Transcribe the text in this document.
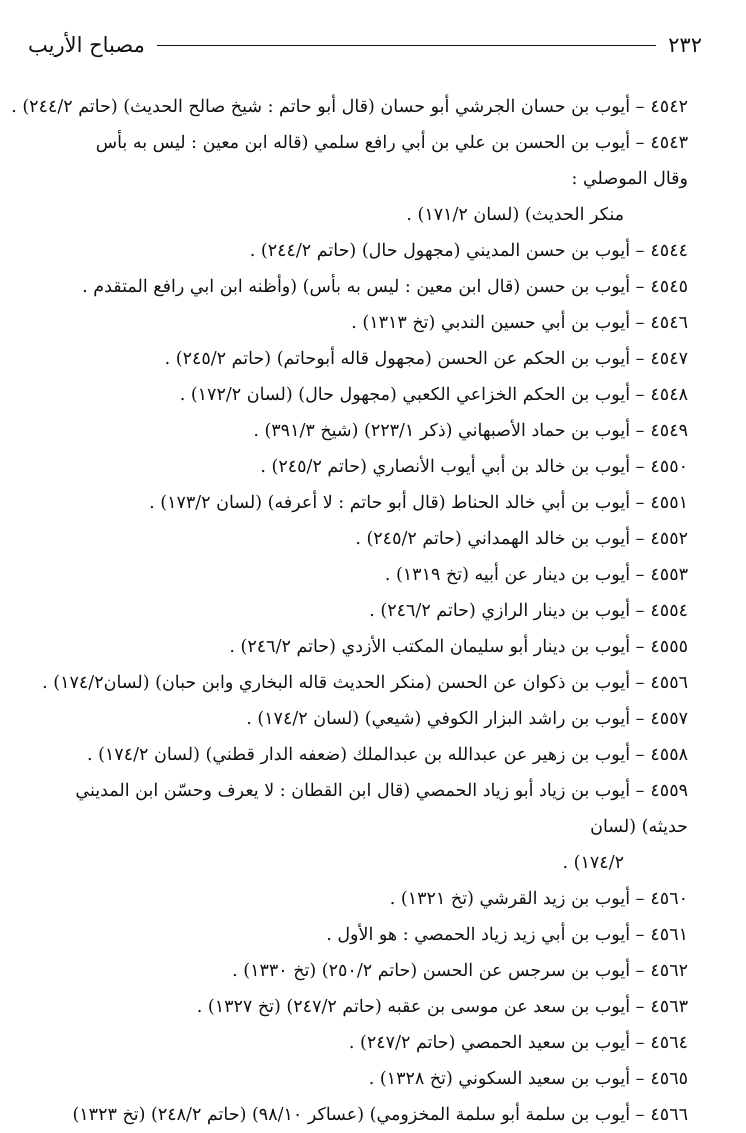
٢٣٢
مصباح الأريب
٤٥٤٢– أيوب بن حسان الجرشي أبو حسان (قال أبو حاتم : شيخ صالح الحديث) (حاتم ٢٤٤/٢) .
٤٥٤٣– أيوب بن الحسن بن علي بن أبي رافع سلمي (قاله ابن معين : ليس به بأس وقال الموصلي :
منكر الحديث) (لسان ١٧١/٢) .
٤٥٤٤– أيوب بن حسن المديني (مجهول حال) (حاتم ٢٤٤/٢) .
٤٥٤٥– أيوب بن حسن (قال ابن معين : ليس به بأس) (وأظنه ابن ابي رافع المتقدم .
٤٥٤٦– أيوب بن أبي حسين الندبي (تخ ١٣١٣) .
٤٥٤٧– أيوب بن الحكم عن الحسن (مجهول قاله أبوحاتم) (حاتم ٢٤٥/٢) .
٤٥٤٨– أيوب بن الحكم الخزاعي الكعبي (مجهول حال) (لسان ١٧٢/٢) .
٤٥٤٩– أيوب بن حماد الأصبهاني (ذكر ٢٢٣/١) (شيخ ٣٩١/٣) .
٤٥٥٠– أيوب بن خالد بن أبي أيوب الأنصاري (حاتم ٢٤٥/٢) .
٤٥٥١– أيوب بن أبي خالد الحناط (قال أبو حاتم : لا أعرفه) (لسان ١٧٣/٢) .
٤٥٥٢– أيوب بن خالد الهمداني (حاتم ٢٤٥/٢) .
٤٥٥٣– أيوب بن دينار عن أبيه (تخ ١٣١٩) .
٤٥٥٤– أيوب بن دينار الرازي (حاتم ٢٤٦/٢) .
٤٥٥٥– أيوب بن دينار أبو سليمان المكتب الأزدي (حاتم ٢٤٦/٢) .
٤٥٥٦– أيوب بن ذكوان عن الحسن (منكر الحديث قاله البخاري وابن حبان) (لسان١٧٤/٢) .
٤٥٥٧– أيوب بن راشد البزار الكوفي (شيعي) (لسان ١٧٤/٢) .
٤٥٥٨– أيوب بن زهير عن عبدالله بن عبدالملك (ضعفه الدار قطني) (لسان ١٧٤/٢) .
٤٥٥٩– أيوب بن زياد أبو زياد الحمصي (قال ابن القطان : لا يعرف وحسّن ابن المديني حديثه) (لسان
١٧٤/٢) .
٤٥٦٠– أيوب بن زيد القرشي (تخ ١٣٢١) .
٤٥٦١– أيوب بن أبي زيد زياد الحمصي : هو الأول .
٤٥٦٢– أيوب بن سرجس عن الحسن (حاتم ٢٥٠/٢) (تخ ١٣٣٠) .
٤٥٦٣– أيوب بن سعد عن موسى بن عقبه (حاتم ٢٤٧/٢) (تخ ١٣٢٧) .
٤٥٦٤– أيوب بن سعيد الحمصي (حاتم ٢٤٧/٢) .
٤٥٦٥– أيوب بن سعيد السكوني (تخ ١٣٢٨) .
٤٥٦٦– أيوب بن سلمة أبو سلمة المخزومي) (عساكر ٩٨/١٠) (حاتم ٢٤٨/٢) (تخ ١٣٢٣)
